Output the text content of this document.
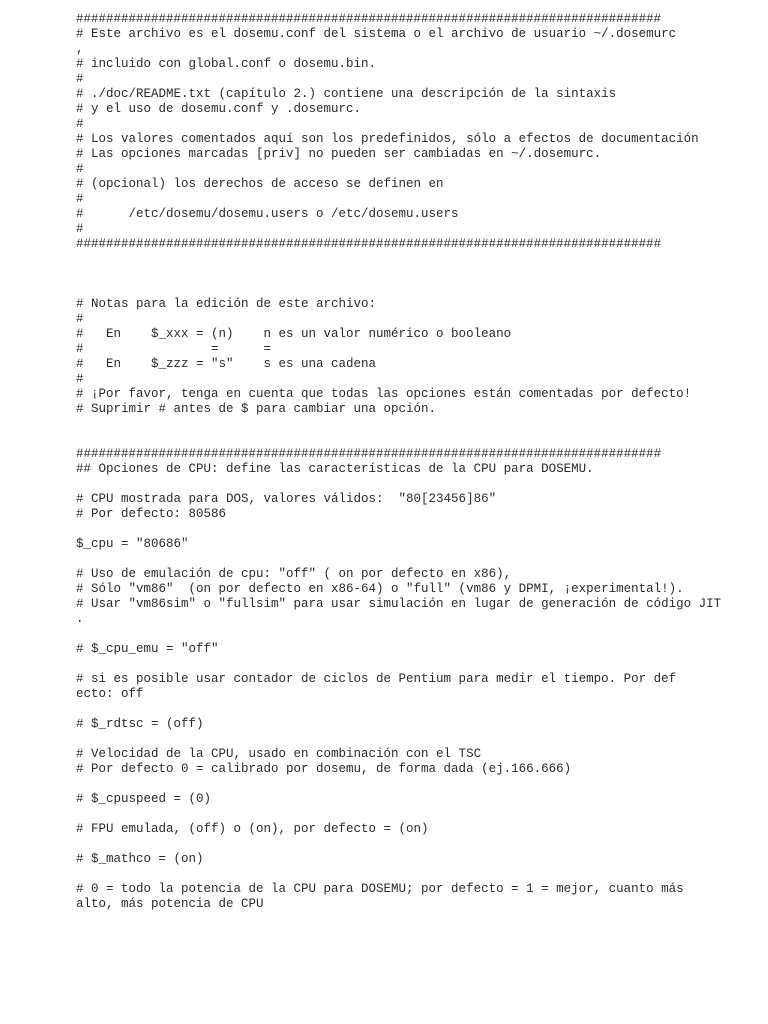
##############################################################################
# Este archivo es el dosemu.conf del sistema o el archivo de usuario ~/.dosemurc
,
# incluido con global.conf o dosemu.bin.
#
# ./doc/README.txt (capítulo 2.) contiene una descripción de la sintaxis
# y el uso de dosemu.conf y .dosemurc.
#
# Los valores comentados aquí son los predefinidos, sólo a efectos de documentación
# Las opciones marcadas [priv] no pueden ser cambiadas en ~/.dosemurc.
#
# (opcional) los derechos de acceso se definen en
#
#      /etc/dosemu/dosemu.users o /etc/dosemu.users
#
##############################################################################
# Notas para la edición de este archivo:
#
#   En    $_xxx = (n)    n es un valor numérico o booleano
#                 =      =
#   En    $_zzz = "s"    s es una cadena
#
# ¡Por favor, tenga en cuenta que todas las opciones están comentadas por defecto!
# Suprimir # antes de $ para cambiar una opción.
##############################################################################
## Opciones de CPU: define las características de la CPU para DOSEMU.
# CPU mostrada para DOS, valores válidos:  "80[23456]86"
# Por defecto: 80586
$_cpu = "80686"
# Uso de emulación de cpu: "off" ( on por defecto en x86),
# Sólo "vm86"  (on por defecto en x86-64) o "full" (vm86 y DPMI, ¡experimental!).
# Usar "vm86sim" o "fullsim" para usar simulación en lugar de generación de código JIT
.
# $_cpu_emu = "off"
# si es posible usar contador de ciclos de Pentium para medir el tiempo. Por def
ecto: off
# $_rdtsc = (off)
# Velocidad de la CPU, usado en combinación con el TSC
# Por defecto 0 = calibrado por dosemu, de forma dada (ej.166.666)
# $_cpuspeed = (0)
# FPU emulada, (off) o (on), por defecto = (on)
# $_mathco = (on)
# 0 = todo la potencia de la CPU para DOSEMU; por defecto = 1 = mejor, cuanto más
alto, más potencia de CPU
